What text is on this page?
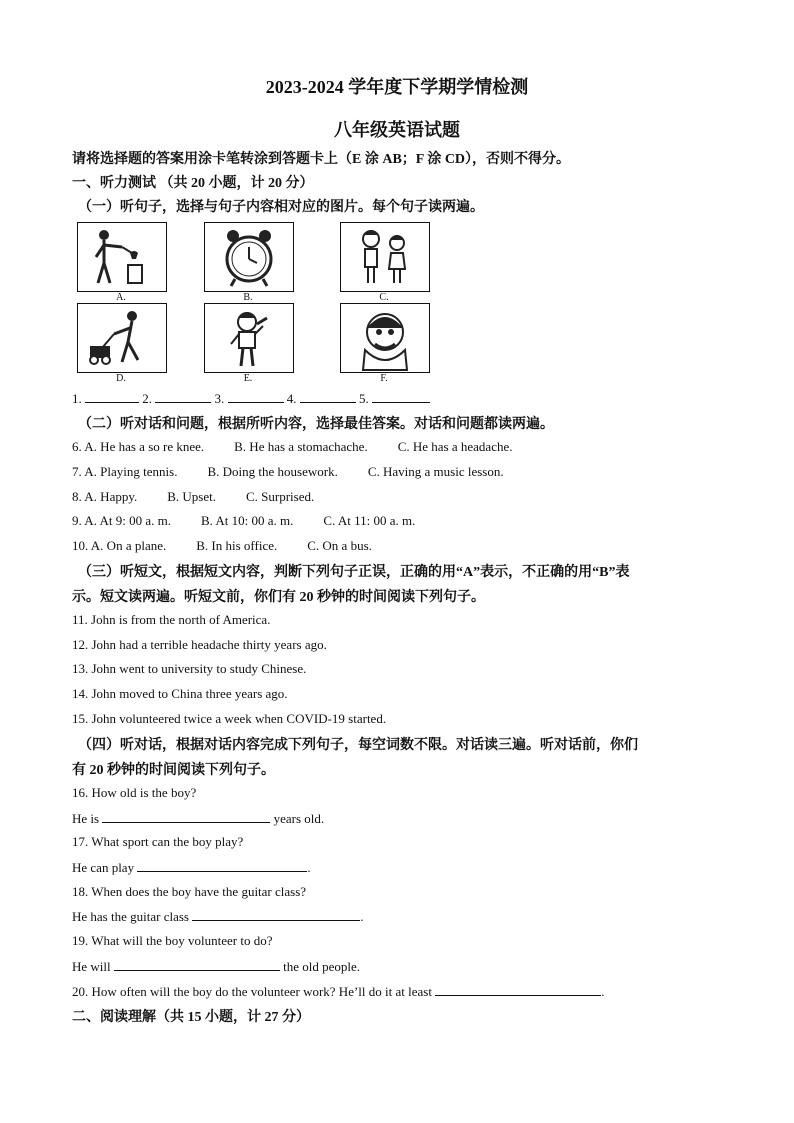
2023-2024 学年度下学期学情检测
八年级英语试题
请将选择题的答案用涂卡笔转涂到答题卡上（E 涂 AB；F 涂 CD），否则不得分。
一、听力测试 （共 20 小题，计 20 分）
（一）听句子，选择与句子内容相对应的图片。每个句子读两遍。
A.	B.	C.
D.	E.	F.
1.	2.	3.	4.	5.
（二）听对话和问题，根据所听内容，选择最佳答案。对话和问题都读两遍。
6. A. He has a so re knee. B. He has a stomachache. C. He has a headache.
7. A. Playing tennis. B. Doing the housework. C. Having a music lesson.
8. A. Happy. B. Upset. C. Surprised.
9. A. At 9: 00 a. m. B. At 10: 00 a. m. C. At 11: 00 a. m.
10. A. On a plane. B. In his office. C. On a bus.
（三）听短文，根据短文内容，判断下列句子正误，正确的用“A”表示，不正确的用“B”表
示。短文读两遍。听短文前，你们有 20 秒钟的时间阅读下列句子。
11. John is from the north of America.
12. John had a terrible headache thirty years ago.
13. John went to university to study Chinese.
14. John moved to China three years ago.
15. John volunteered twice a week when COVID-19 started.
（四）听对话，根据对话内容完成下列句子，每空词数不限。对话读三遍。听对话前，你们
有 20 秒钟的时间阅读下列句子。
16. How old is the boy?
He is	years old.
17. What sport can the boy play?
He can play	.
18. When does the boy have the guitar class?
He has the guitar class	.
19. What will the boy volunteer to do?
He will	the old people.
20. How often will the boy do the volunteer work? He’ll do it at least	.
二、阅读理解（共 15 小题，计 27 分）
